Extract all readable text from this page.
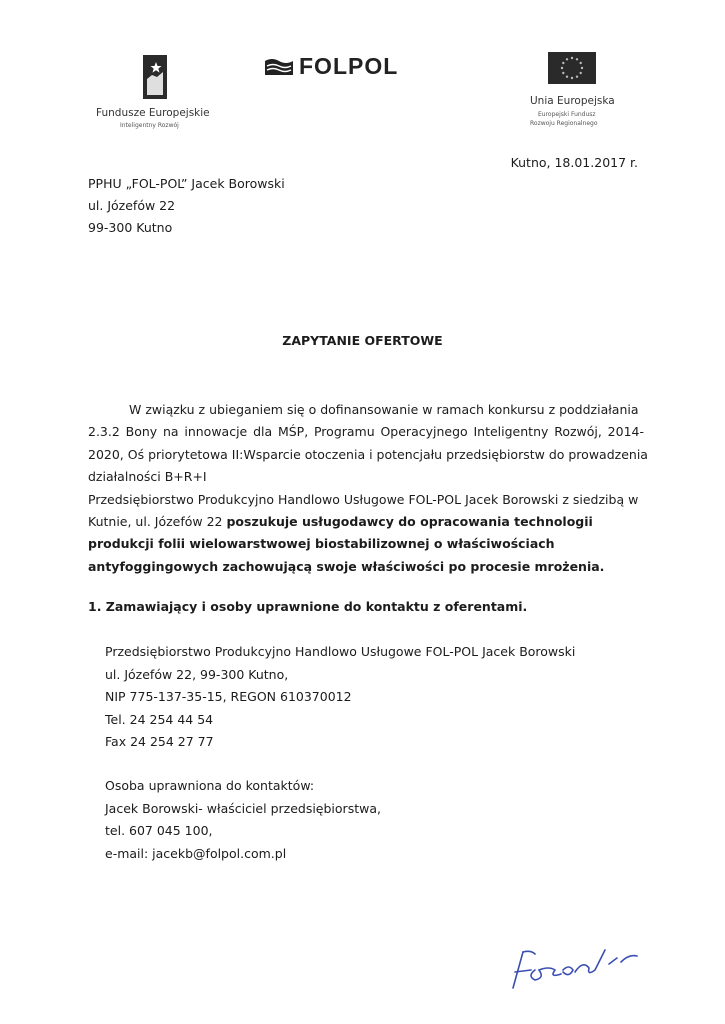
Fundusze Europejskie
Inteligentny Rozwój
FOLPOL
Unia Europejska
Europejski Fundusz
Rozwoju Regionalnego
Kutno, 18.01.2017 r.
PPHU „FOL-POL” Jacek Borowski
ul. Józefów 22
99-300 Kutno
ZAPYTANIE OFERTOWE
W związku z ubieganiem się o dofinansowanie w ramach konkursu z poddziałania
2.3.2 Bony na innowacje dla MŚP, Programu Operacyjnego Inteligentny Rozwój, 2014-
2020, Oś priorytetowa II:Wsparcie otoczenia i potencjału przedsiębiorstw do prowadzenia
działalności B+R+I
Przedsiębiorstwo Produkcyjno Handlowo Usługowe FOL-POL Jacek Borowski z siedzibą w
Kutnie, ul. Józefów 22 poszukuje usługodawcy do opracowania technologii
produkcji folii wielowarstwowej biostabilizownej o właściwościach
antyfoggingowych zachowującą swoje właściwości po procesie mrożenia.
1. Zamawiający i osoby uprawnione do kontaktu z oferentami.
Przedsiębiorstwo Produkcyjno Handlowo Usługowe FOL-POL Jacek Borowski
ul. Józefów 22, 99-300 Kutno,
NIP 775-137-35-15, REGON 610370012
Tel. 24 254 44 54
Fax 24 254 27 77
Osoba uprawniona do kontaktów:
Jacek Borowski- właściciel przedsiębiorstwa,
tel. 607 045 100,
e-mail: jacekb@folpol.com.pl
